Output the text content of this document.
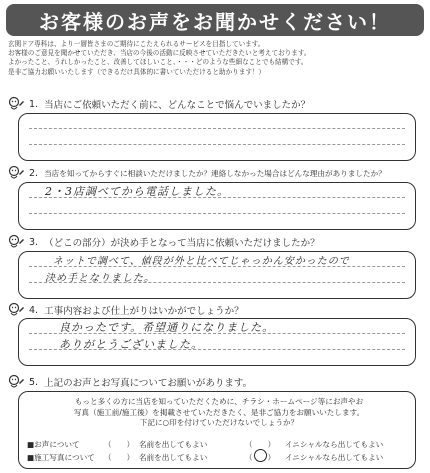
お客様のお声をお聞かせください！
玄関ドア専科は、より一層皆さまのご期待にこたえられるサービスを目指しています。
お客様のご意見を聞かせていただき、当店の今後の活動に反映させていただきたいと考えております。
よかったこと、うれしかったこと、改善してほしいこと、・・・どのような些細なことでも結構です。
是非ご協力お願いいたします（できるだけ具体的に書いていただけると助かります！）
1. 当店にご依頼いただく前に、どんなことで悩んでいましたか？
2. 当店を知ってからすぐに相談いただけましたか？連絡しなかった場合はどんな理由がありましたか？
2・3店調べてから電話しました。
3. （どこの部分）が決め手となって当店に依頼いただけましたか？
ネットで調べて、値段が外と比べてじゃっかん安かったので
決め手となりました。
4. 工事内容および仕上がりはいかがでしょうか？
良かったです。希望通りになりました。
ありがとうございました。
5. 上記のお声とお写真についてお願いがあります。
もっと多くの方に当店を知っていただくために、チラシ・ホームページ等にお声やお
写真（施工前/施工後）を掲載させていただきたく、是非ご協力をお願いいたします。
下記に○印を付けていただけないでしょうか？
■お声について	（　　） 名前を出してもよい	（　　）	イニシャルなら出してもよい
■施工写真について	（　　） 名前を出してもよい	（　　）	イニシャルなら出してもよい
